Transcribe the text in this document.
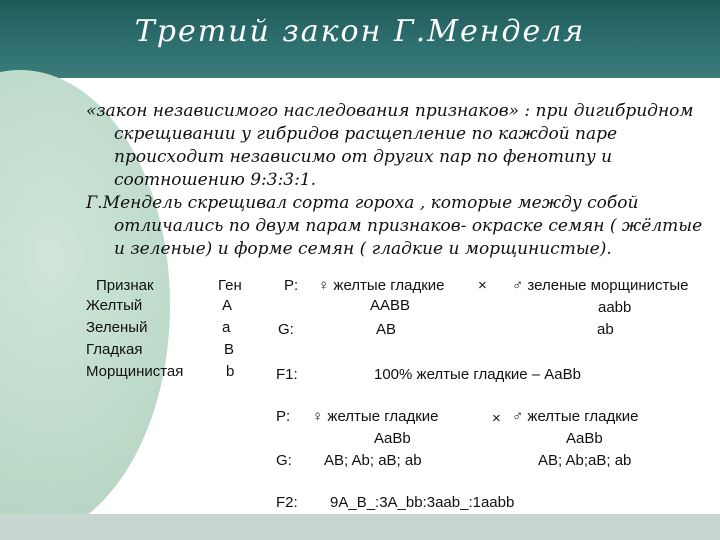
Третий закон Г.Менделя

«закон независимого наследования признаков» : при дигибридном скрещивании у гибридов расщепление по каждой паре происходит независимо от других пар по фенотипу и соотношению 9:3:3:1.

Г.Мендель скрещивал сорта гороха , которые между собой отличались по двум парам признаков- окраске семян ( жёлтые и зеленые) и форме семян ( гладкие и морщинистые).

Признак	Ген
Желтый	A
Зеленый	a
Гладкая	B
Морщинистая	b
P: ♀ желтые гладкие × ♂ зеленые морщинистые
AABB	aabb
G:	AB	ab
F1:	100% желтые гладкие – AaBb
P: ♀ желтые гладкие	× ♂ желтые гладкие
AaBb	AaBb
G: AB; Ab; aB; ab	AB; Ab;aB; ab
F2: 9A_B_:3A_bb:3aab_:1aabb
